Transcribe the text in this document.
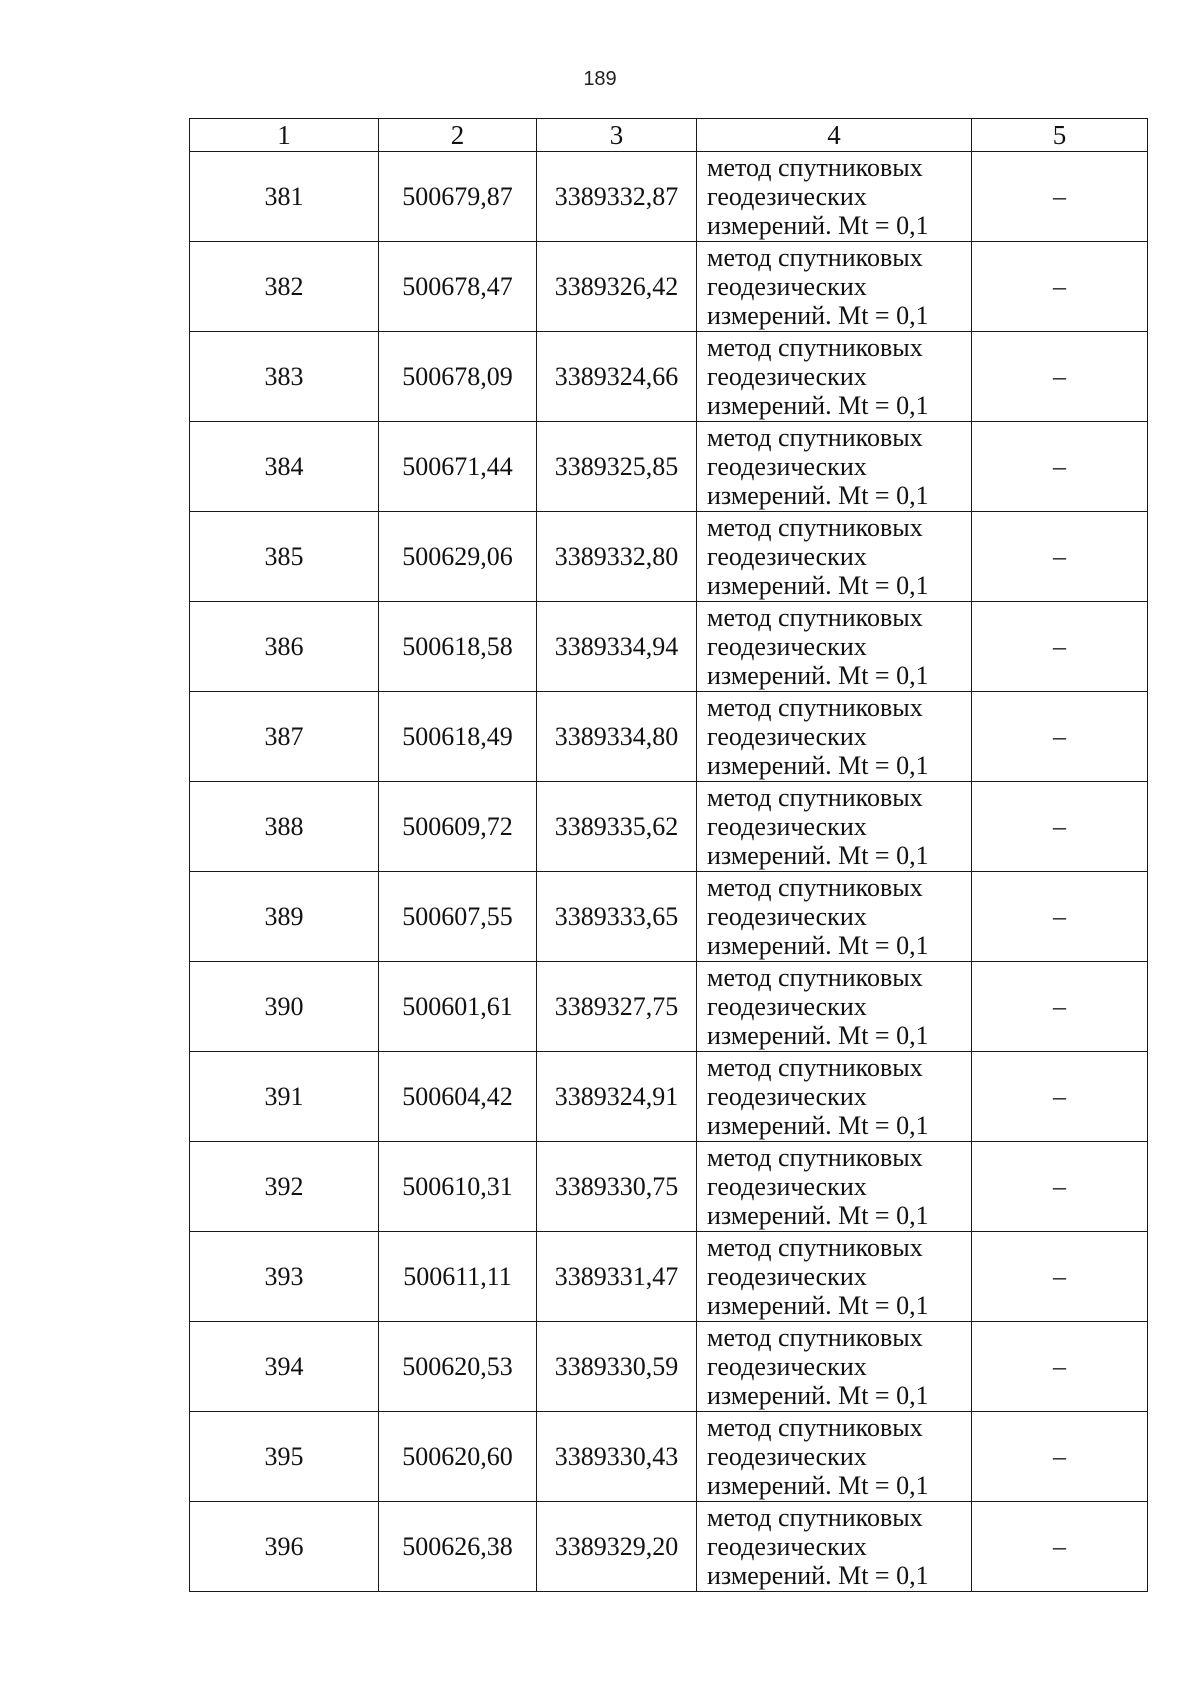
189
1	2	3	4	5
381	500679,87	3389332,87	метод спутниковых
геодезических
измерений. Mt = 0,1	–
382	500678,47	3389326,42	метод спутниковых
геодезических
измерений. Mt = 0,1	–
383	500678,09	3389324,66	метод спутниковых
геодезических
измерений. Mt = 0,1	–
384	500671,44	3389325,85	метод спутниковых
геодезических
измерений. Mt = 0,1	–
385	500629,06	3389332,80	метод спутниковых
геодезических
измерений. Mt = 0,1	–
386	500618,58	3389334,94	метод спутниковых
геодезических
измерений. Mt = 0,1	–
387	500618,49	3389334,80	метод спутниковых
геодезических
измерений. Mt = 0,1	–
388	500609,72	3389335,62	метод спутниковых
геодезических
измерений. Mt = 0,1	–
389	500607,55	3389333,65	метод спутниковых
геодезических
измерений. Mt = 0,1	–
390	500601,61	3389327,75	метод спутниковых
геодезических
измерений. Mt = 0,1	–
391	500604,42	3389324,91	метод спутниковых
геодезических
измерений. Mt = 0,1	–
392	500610,31	3389330,75	метод спутниковых
геодезических
измерений. Mt = 0,1	–
393	500611,11	3389331,47	метод спутниковых
геодезических
измерений. Mt = 0,1	–
394	500620,53	3389330,59	метод спутниковых
геодезических
измерений. Mt = 0,1	–
395	500620,60	3389330,43	метод спутниковых
геодезических
измерений. Mt = 0,1	–
396	500626,38	3389329,20	метод спутниковых
геодезических
измерений. Mt = 0,1	–
